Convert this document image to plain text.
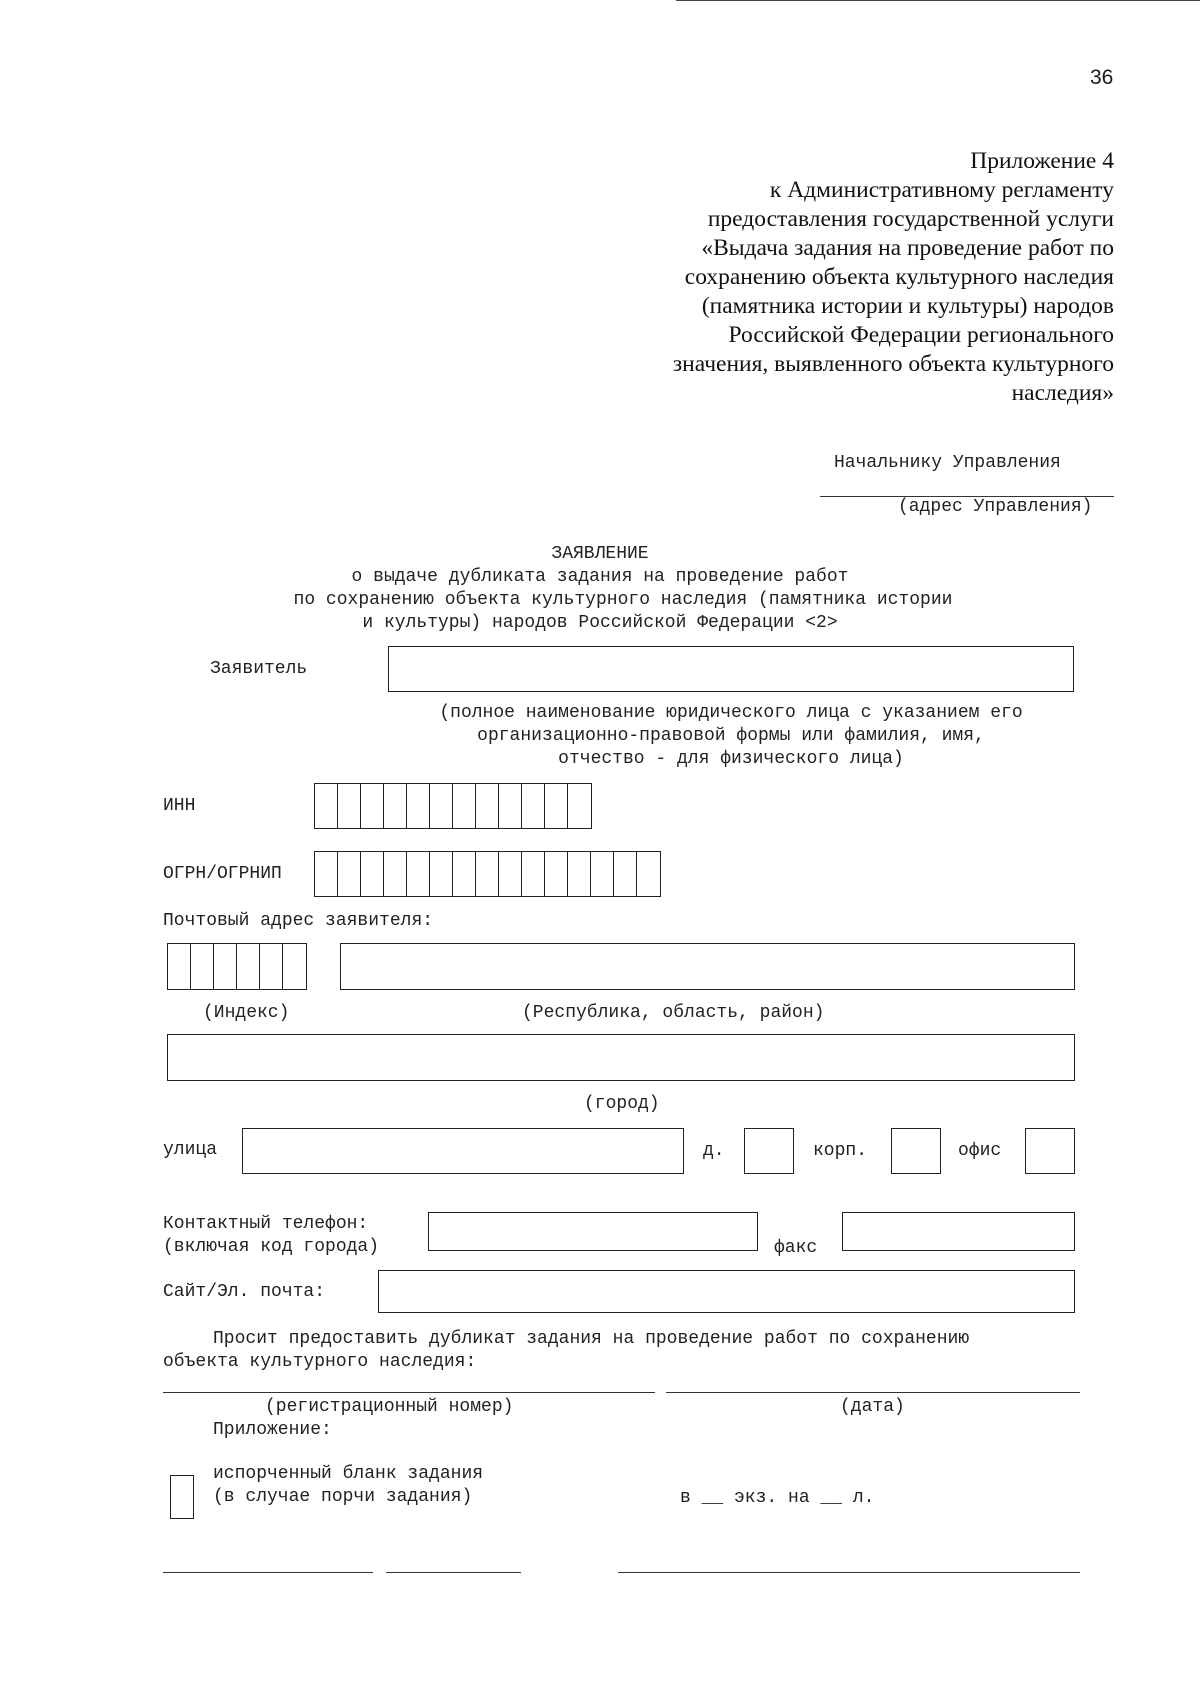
36
Приложение 4
к Административному регламенту
предоставления государственной услуги
«Выдача задания на проведение работ по
сохранению объекта культурного наследия
(памятника истории и культуры) народов
Российской Федерации регионального
значения, выявленного объекта культурного
наследия»
Начальнику Управления
(адрес Управления)
ЗАЯВЛЕНИЕ
о выдаче дубликата задания на проведение работ
по сохранению объекта культурного наследия (памятника истории
и культуры) народов Российской Федерации <2>
Заявитель
(полное наименование юридического лица с указанием его
организационно-правовой формы или фамилия, имя,
отчество - для физического лица)
ИНН
ОГРН/ОГРНИП
Почтовый адрес заявителя:
(Индекс)	(Республика, область, район)
(город)
улица	д.	корп.	офис
Контактный телефон:
(включая код города)	факс
Сайт/Эл. почта:
Просит предоставить дубликат задания на проведение работ по сохранению
объекта культурного наследия:
(регистрационный номер)	(дата)
Приложение:
испорченный бланк задания
(в случае порчи задания)	в __ экз. на __ л.
